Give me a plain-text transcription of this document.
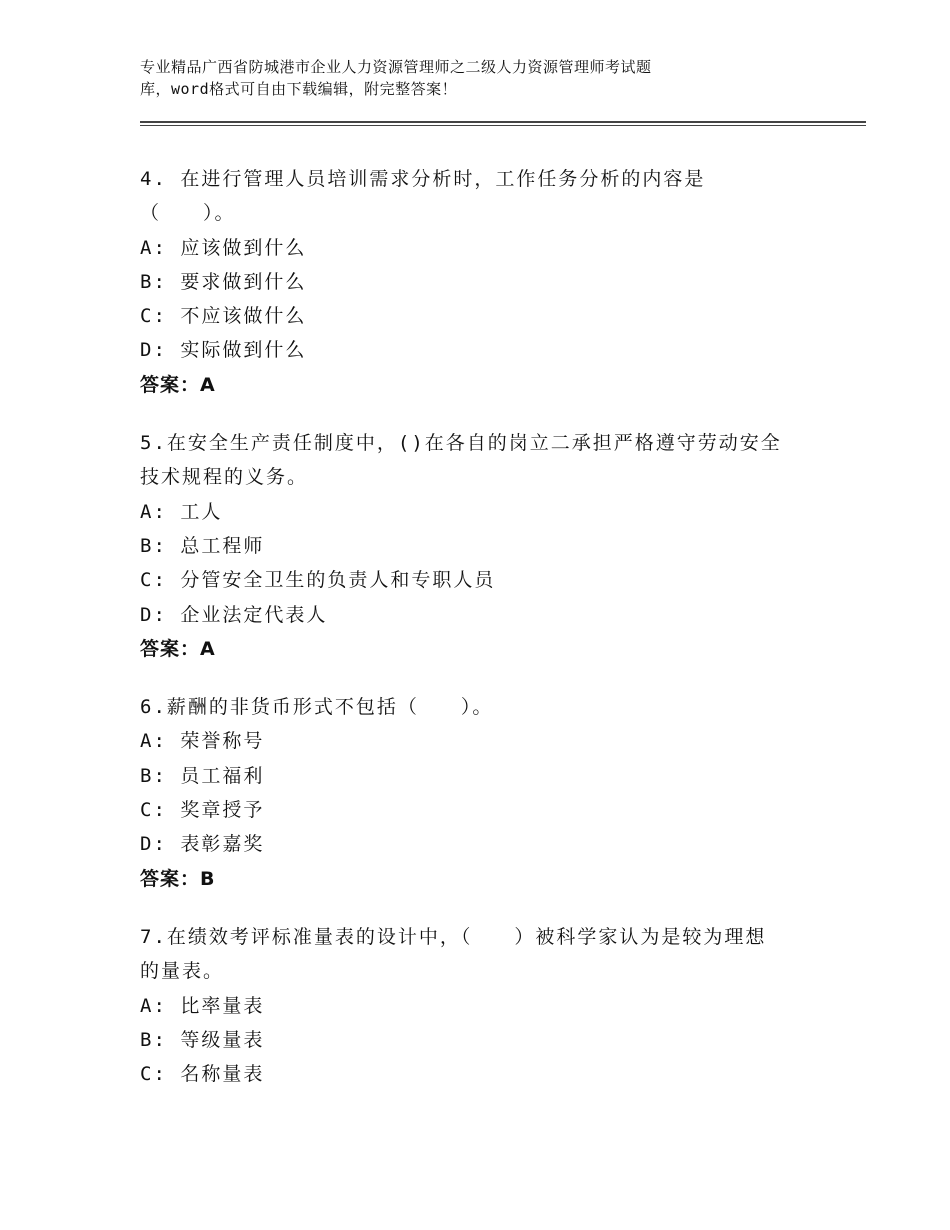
专业精品广西省防城港市企业人力资源管理师之二级人力资源管理师考试题
库，word格式可自由下载编辑，附完整答案！
4. 在进行管理人员培训需求分析时，工作任务分析的内容是
（　　）。
A: 应该做到什么
B: 要求做到什么
C: 不应该做什么
D: 实际做到什么
答案：A
5.在安全生产责任制度中，()在各自的岗立二承担严格遵守劳动安全
技术规程的义务。
A: 工人
B: 总工程师
C: 分管安全卫生的负责人和专职人员
D: 企业法定代表人
答案：A
6.薪酬的非货币形式不包括（　　）。
A: 荣誉称号
B: 员工福利
C: 奖章授予
D: 表彰嘉奖
答案：B
7.在绩效考评标准量表的设计中，（　　）被科学家认为是较为理想
的量表。
A: 比率量表
B: 等级量表
C: 名称量表
